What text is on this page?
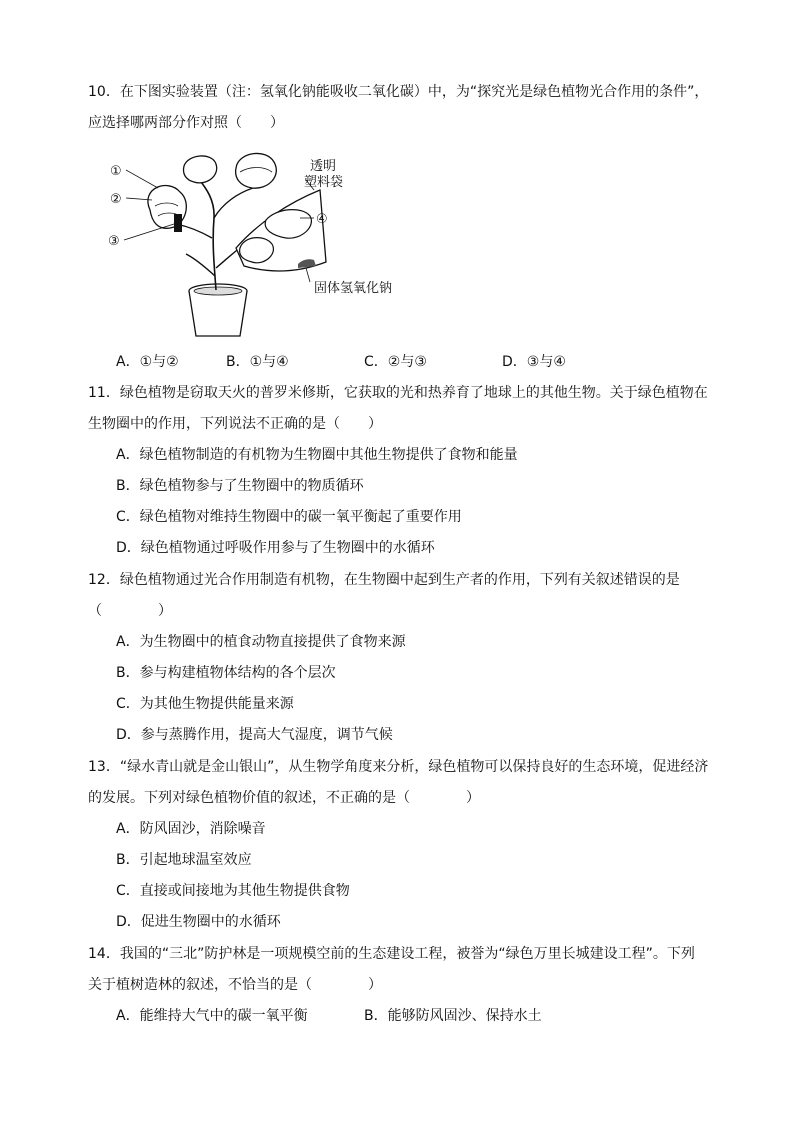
10．在下图实验装置（注：氢氧化钠能吸收二氧化碳）中，为“探究光是绿色植物光合作用的条件”，
应选择哪两部分作对照（　　）
①
②
③
④
透明
塑料袋
固体氢氧化钠
A．①与②	B．①与④	C．②与③	D．③与④
11．绿色植物是窃取天火的普罗米修斯，它获取的光和热养育了地球上的其他生物。关于绿色植物在
生物圈中的作用，下列说法不正确的是（　　）
A．绿色植物制造的有机物为生物圈中其他生物提供了食物和能量
B．绿色植物参与了生物圈中的物质循环
C．绿色植物对维持生物圈中的碳一氧平衡起了重要作用
D．绿色植物通过呼吸作用参与了生物圈中的水循环
12．绿色植物通过光合作用制造有机物，在生物圈中起到生产者的作用，下列有关叙述错误的是
（　　　　）
A．为生物圈中的植食动物直接提供了食物来源
B．参与构建植物体结构的各个层次
C．为其他生物提供能量来源
D．参与蒸腾作用，提高大气湿度，调节气候
13．“绿水青山就是金山银山”，从生物学角度来分析，绿色植物可以保持良好的生态环境，促进经济
的发展。下列对绿色植物价值的叙述，不正确的是（　　　　）
A．防风固沙，消除噪音
B．引起地球温室效应
C．直接或间接地为其他生物提供食物
D．促进生物圈中的水循环
14．我国的“三北”防护林是一项规模空前的生态建设工程，被誉为“绿色万里长城建设工程”。下列
关于植树造林的叙述，不恰当的是（　　　　）
A．能维持大气中的碳一氧平衡	B．能够防风固沙、保持水土
